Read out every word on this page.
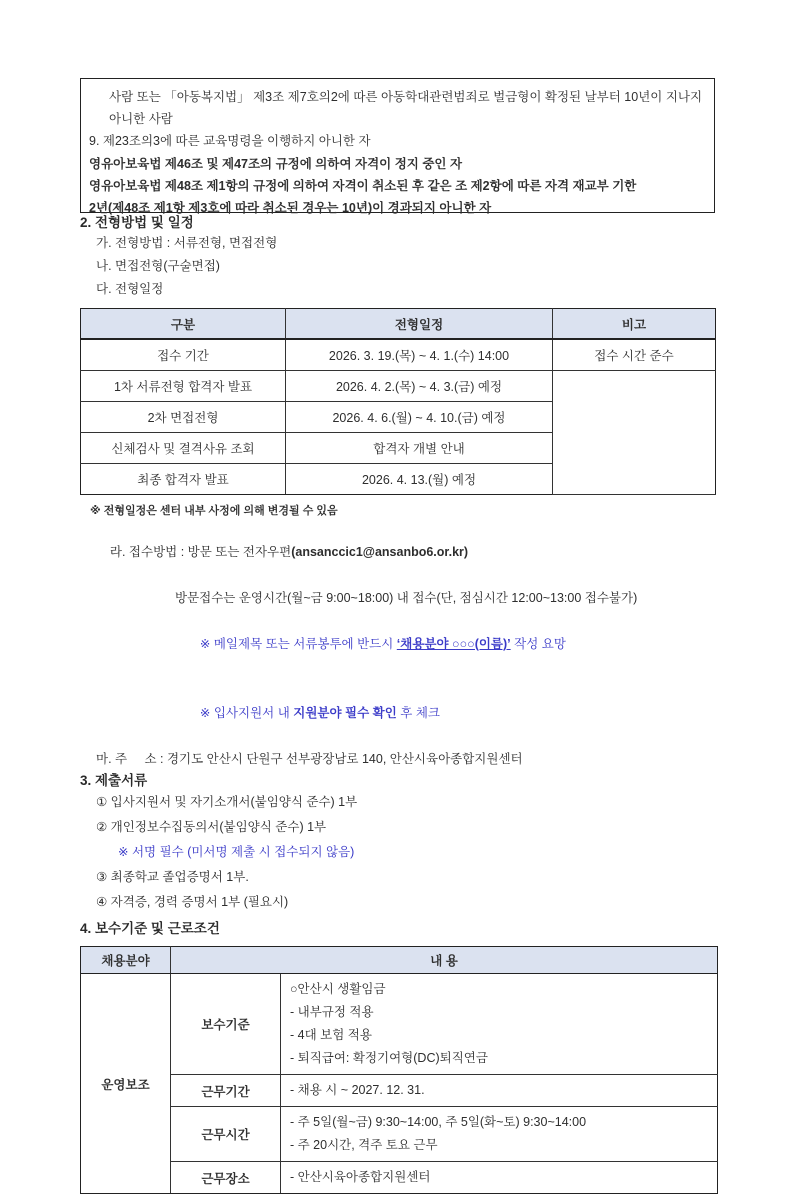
사람 또는 「아동복지법」 제3조 제7호의2에 따른 아동학대관련범죄로 벌금형이 확정된 날부터 10년이 지나지
아니한 사람
9. 제23조의3에 따른 교육명령을 이행하지 아니한 자
영유아보육법 제46조 및 제47조의 규정에 의하여 자격이 정지 중인 자
영유아보육법 제48조 제1항의 규정에 의하여 자격이 취소된 후 같은 조 제2항에 따른 자격 재교부 기한
2년(제48조 제1항 제3호에 따라 취소된 경우는 10년)이 경과되지 아니한 자
2. 전형방법 및 일정
가. 전형방법 : 서류전형, 면접전형
나. 면접전형(구술면접)
다. 전형일정
구분	전형일정	비고
접수 기간	2026. 3. 19.(목) ~ 4. 1.(수) 14:00	접수 시간 준수
1차 서류전형 합격자 발표	2026. 4. 2.(목) ~ 4. 3.(금) 예정	
2차 면접전형	2026. 4. 6.(월) ~ 4. 10.(금) 예정	
신체검사 및 결격사유 조회	합격자 개별 안내	
최종 합격자 발표	2026. 4. 13.(월) 예정	
※ 전형일정은 센터 내부 사정에 의해 변경될 수 있음

라. 접수방법 : 방문 또는 전자우편(ansanccic1@ansanbo6.or.kr)

방문접수는 운영시간(월~금 9:00~18:00) 내 접수(단, 점심시간 12:00~13:00 접수불가)

※ 메일제목 또는 서류봉투에 반드시 ‘채용분야 ○○○(이름)’ 작성 요망

※ 입사지원서 내 지원분야 필수 확인 후 체크

마. 주     소 : 경기도 안산시 단원구 선부광장남로 140, 안산시육아종합지원센터
3. 제출서류
① 입사지원서 및 자기소개서(붙임양식 준수) 1부
② 개인정보수집동의서(붙임양식 준수) 1부
※ 서명 필수 (미서명 제출 시 접수되지 않음)
③ 최종학교 졸업증명서 1부.
④ 자격증, 경력 증명서 1부 (필요시)
4. 보수기준 및 근로조건
채용분야	내 용	
운영보조	보수기준	○안산시 생활임금
- 내부규정 적용
- 4대 보험 적용
- 퇴직급여: 확정기여형(DC)퇴직연금

	근무기간	- 채용 시 ~ 2027. 12. 31.

	근무시간	- 주 5일(월~금) 9:30~14:00, 주 5일(화~토) 9:30~14:00
- 주 20시간, 격주 토요 근무

	근무장소	- 안산시육아종합지원센터
